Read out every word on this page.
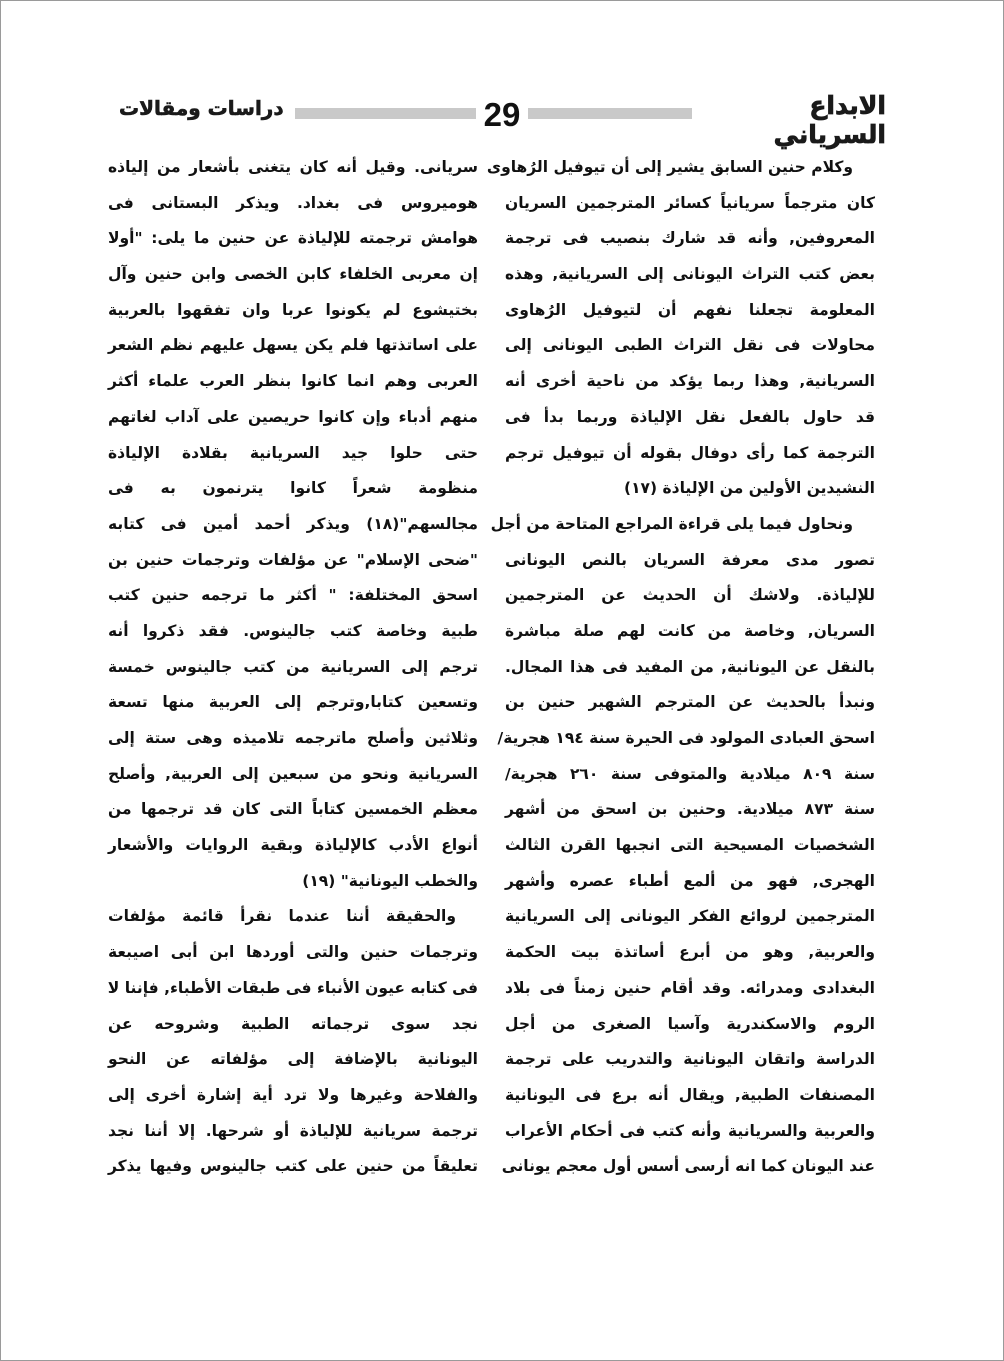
دراسات ومقالات	29	الابداع السرياني
وكلام حنين السابق يشير إلى أن تيوفيل الرُهاوى
كان مترجماً سريانياً كسائر المترجمين السريان
المعروفين, وأنه قد شارك بنصيب فى ترجمة
بعض كتب التراث اليونانى إلى السريانية, وهذه
المعلومة تجعلنا نفهم أن لتيوفيل الرُهاوى
محاولات فى نقل التراث الطبى اليونانى إلى
السريانية, وهذا ربما يؤكد من ناحية أخرى أنه
قد حاول بالفعل نقل الإلياذة وربما بدأ فى
الترجمة كما رأى دوفال بقوله أن تيوفيل ترجم
النشيدين الأولين من الإلياذة (١٧)
ونحاول فيما يلى قراءة المراجع المتاحة من أجل
تصور مدى معرفة السريان بالنص اليونانى
للإلياذة. ولاشك أن الحديث عن المترجمين
السريان, وخاصة من كانت لهم صلة مباشرة
بالنقل عن اليونانية, من المفيد فى هذا المجال.
ونبدأ بالحديث عن المترجم الشهير حنين بن
اسحق العبادى المولود فى الحيرة سنة ١٩٤ هجرية/
سنة ٨٠٩ ميلادية والمتوفى سنة ٢٦٠ هجرية/
سنة ٨٧٣ ميلادية. وحنين بن اسحق من أشهر
الشخصيات المسيحية التى انجبها القرن الثالث
الهجرى, فهو من ألمع أطباء عصره وأشهر
المترجمين لروائع الفكر اليونانى إلى السريانية
والعربية, وهو من أبرع أساتذة بيت الحكمة
البغدادى ومدرائه. وقد أقام حنين زمناً فى بلاد
الروم والاسكندرية وآسيا الصغرى من أجل
الدراسة واتقان اليونانية والتدريب على ترجمة
المصنفات الطبية, ويقال أنه برع فى اليونانية
والعربية والسريانية وأنه كتب فى أحكام الأعراب
عند اليونان كما انه أرسى أسس أول معجم يونانى
سريانى. وقيل أنه كان يتغنى بأشعار من إلياذه
هوميروس فى بغداد. ويذكر البستانى فى
هوامش ترجمته للإلياذة عن حنين ما يلى: "أولا
إن معربى الخلفاء كابن الخصى وابن حنين وآل
بختيشوع لم يكونوا عربا وان تفقهوا بالعربية
على اساتذتها فلم يكن يسهل عليهم نظم الشعر
العربى وهم انما كانوا بنظر العرب علماء أكثر
منهم أدباء وإن كانوا حريصين على آداب لغاتهم
حتى حلوا جيد السريانية بقلادة الإلياذة
منظومة شعراً كانوا يترنمون به فى
مجالسهم"(١٨) ويذكر أحمد أمين فى كتابه
"ضحى الإسلام" عن مؤلفات وترجمات حنين بن
اسحق المختلفة: " أكثر ما ترجمه حنين كتب
طبية وخاصة كتب جالينوس. فقد ذكروا أنه
ترجم إلى السريانية من كتب جالينوس خمسة
وتسعين كتابا,وترجم إلى العربية منها تسعة
وثلاثين وأصلح ماترجمه تلاميذه وهى ستة إلى
السريانية ونحو من سبعين إلى العربية, وأصلح
معظم الخمسين كتاباً التى كان قد ترجمها من
أنواع الأدب كالإلياذة وبقية الروايات والأشعار
والخطب اليونانية" (١٩)
والحقيقة أننا عندما نقرأ قائمة مؤلفات
وترجمات حنين والتى أوردها ابن أبى اصيبعة
فى كتابه عيون الأنباء فى طبقات الأطباء, فإننا لا
نجد سوى ترجماته الطبية وشروحه عن
اليونانية بالإضافة إلى مؤلفاته عن النحو
والفلاحة وغيرها ولا ترد أية إشارة أخرى إلى
ترجمة سريانية للإلياذة أو شرحها. إلا أننا نجد
تعليقاً من حنين على كتب جالينوس وفيها يذكر
